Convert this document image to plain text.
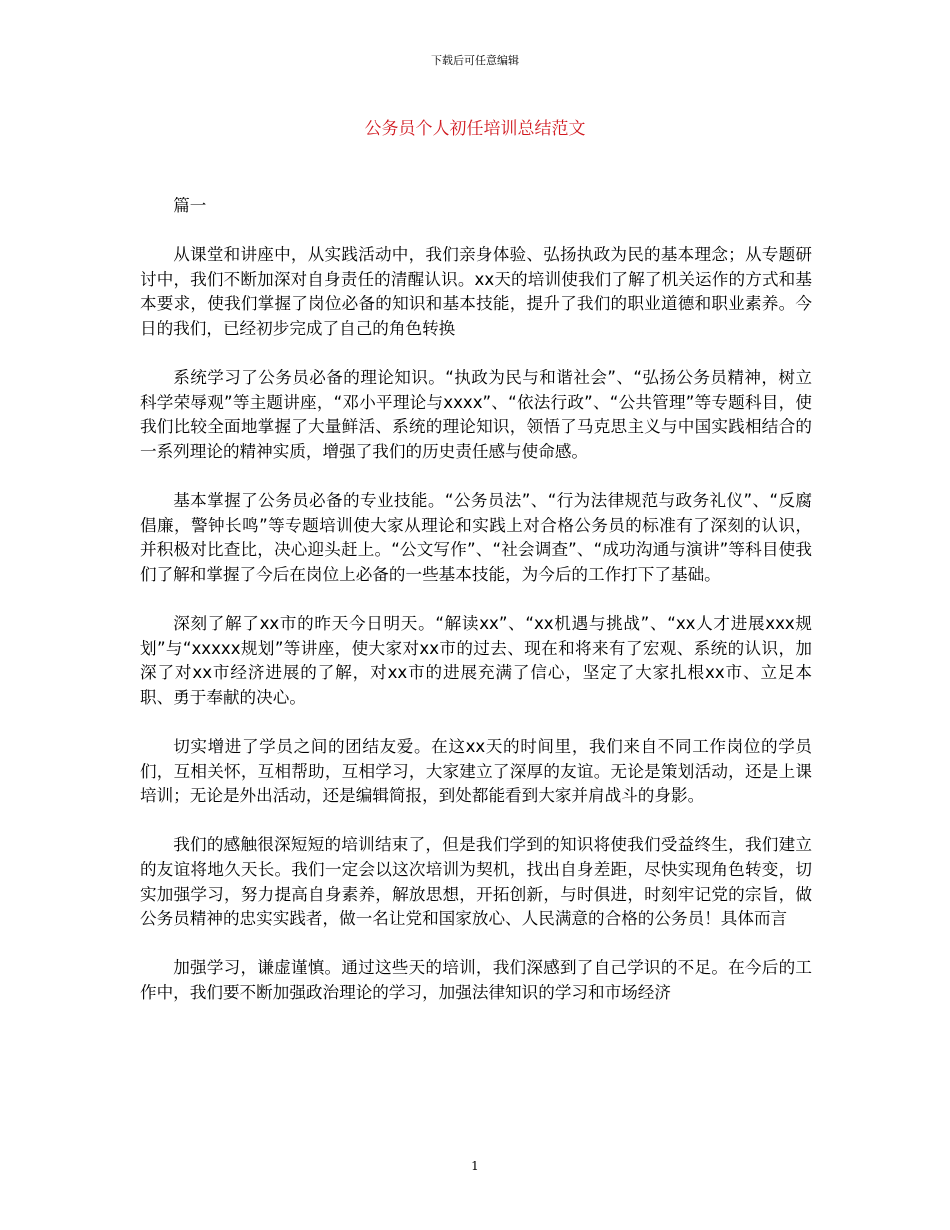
下载后可任意编辑
公务员个人初任培训总结范文

篇一

从课堂和讲座中，从实践活动中，我们亲身体验、弘扬执政为民的基本理念；从专题研讨中，我们不断加深对自身责任的清醒认识。xx天的培训使我们了解了机关运作的方式和基本要求，使我们掌握了岗位必备的知识和基本技能，提升了我们的职业道德和职业素养。今日的我们，已经初步完成了自己的角色转换

系统学习了公务员必备的理论知识。“执政为民与和谐社会”、“弘扬公务员精神，树立科学荣辱观”等主题讲座，“邓小平理论与xxxx”、“依法行政”、“公共管理”等专题科目，使我们比较全面地掌握了大量鲜活、系统的理论知识，领悟了马克思主义与中国实践相结合的一系列理论的精神实质，增强了我们的历史责任感与使命感。

基本掌握了公务员必备的专业技能。“公务员法”、“行为法律规范与政务礼仪”、“反腐倡廉，警钟长鸣”等专题培训使大家从理论和实践上对合格公务员的标准有了深刻的认识，并积极对比查比，决心迎头赶上。“公文写作”、“社会调查”、“成功沟通与演讲”等科目使我们了解和掌握了今后在岗位上必备的一些基本技能，为今后的工作打下了基础。

深刻了解了xx市的昨天今日明天。“解读xx”、“xx机遇与挑战”、“xx人才进展xxx规划”与“xxxxx规划”等讲座，使大家对xx市的过去、现在和将来有了宏观、系统的认识，加深了对xx市经济进展的了解，对xx市的进展充满了信心，坚定了大家扎根xx市、立足本职、勇于奉献的决心。

切实增进了学员之间的团结友爱。在这xx天的时间里，我们来自不同工作岗位的学员们，互相关怀，互相帮助，互相学习，大家建立了深厚的友谊。无论是策划活动，还是上课培训；无论是外出活动，还是编辑简报，到处都能看到大家并肩战斗的身影。

我们的感触很深短短的培训结束了，但是我们学到的知识将使我们受益终生，我们建立的友谊将地久天长。我们一定会以这次培训为契机，找出自身差距，尽快实现角色转变，切实加强学习，努力提高自身素养，解放思想，开拓创新，与时俱进，时刻牢记党的宗旨，做公务员精神的忠实实践者，做一名让党和国家放心、人民满意的合格的公务员！具体而言

加强学习，谦虚谨慎。通过这些天的培训，我们深感到了自己学识的不足。在今后的工作中，我们要不断加强政治理论的学习，加强法律知识的学习和市场经济

1
